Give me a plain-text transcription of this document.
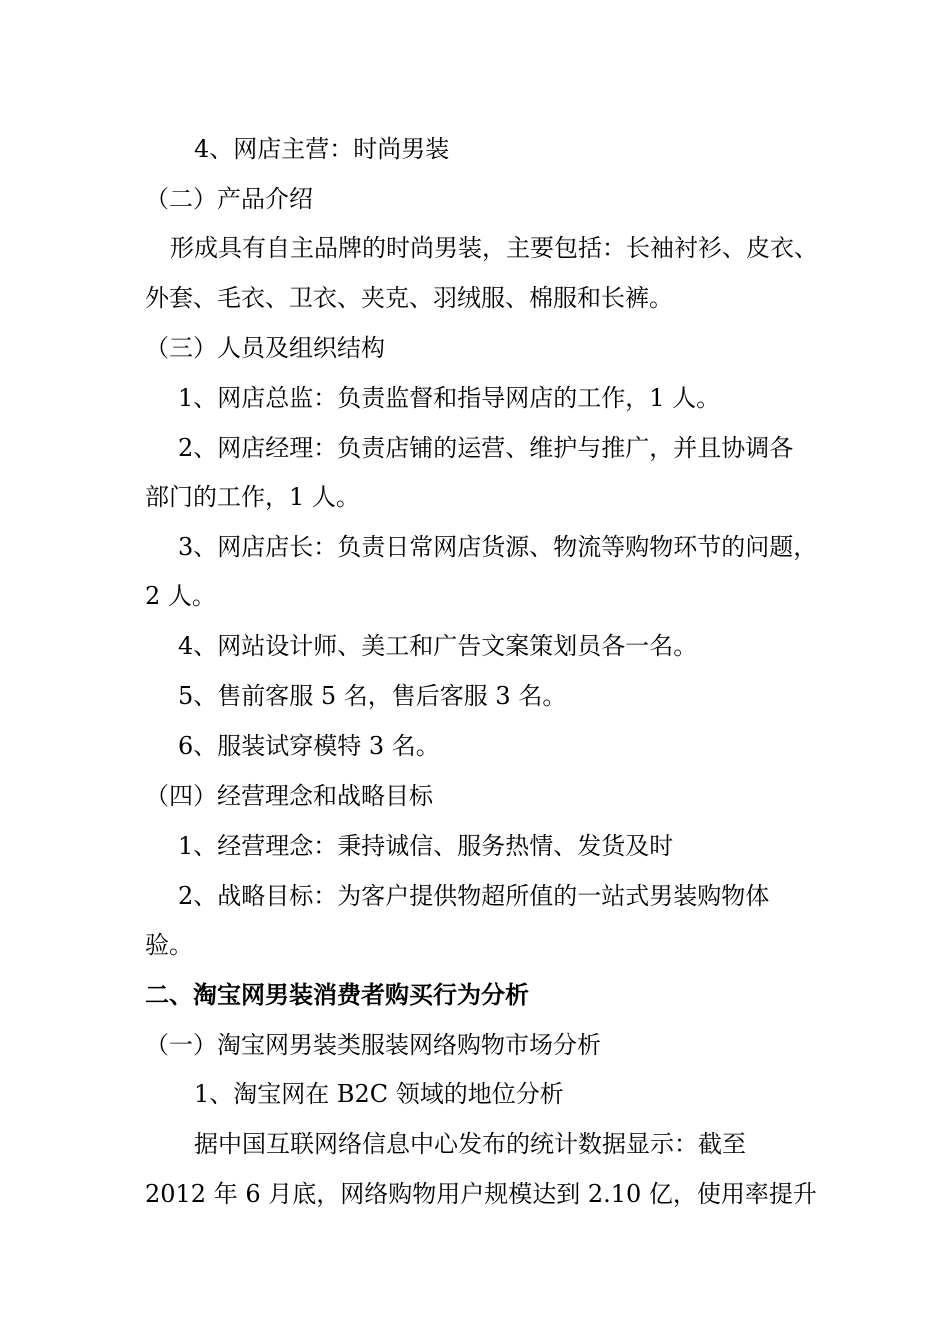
4、网店主营：时尚男装
（二）产品介绍
形成具有自主品牌的时尚男装，主要包括：长袖衬衫、皮衣、
外套、毛衣、卫衣、夹克、羽绒服、棉服和长裤。
（三）人员及组织结构
1、网店总监：负责监督和指导网店的工作，1 人。
2、网店经理：负责店铺的运营、维护与推广，并且协调各
部门的工作，1 人。
3、网店店长：负责日常网店货源、物流等购物环节的问题，
2 人。
4、网站设计师、美工和广告文案策划员各一名。
5、售前客服 5 名，售后客服 3 名。
6、服装试穿模特 3 名。
（四）经营理念和战略目标
1、经营理念：秉持诚信、服务热情、发货及时
2、战略目标：为客户提供物超所值的一站式男装购物体
验。
二、淘宝网男装消费者购买行为分析
（一）淘宝网男装类服装网络购物市场分析
1、淘宝网在 B2C 领域的地位分析
据中国互联网络信息中心发布的统计数据显示：截至
2012 年 6 月底，网络购物用户规模达到 2.10 亿，使用率提升
